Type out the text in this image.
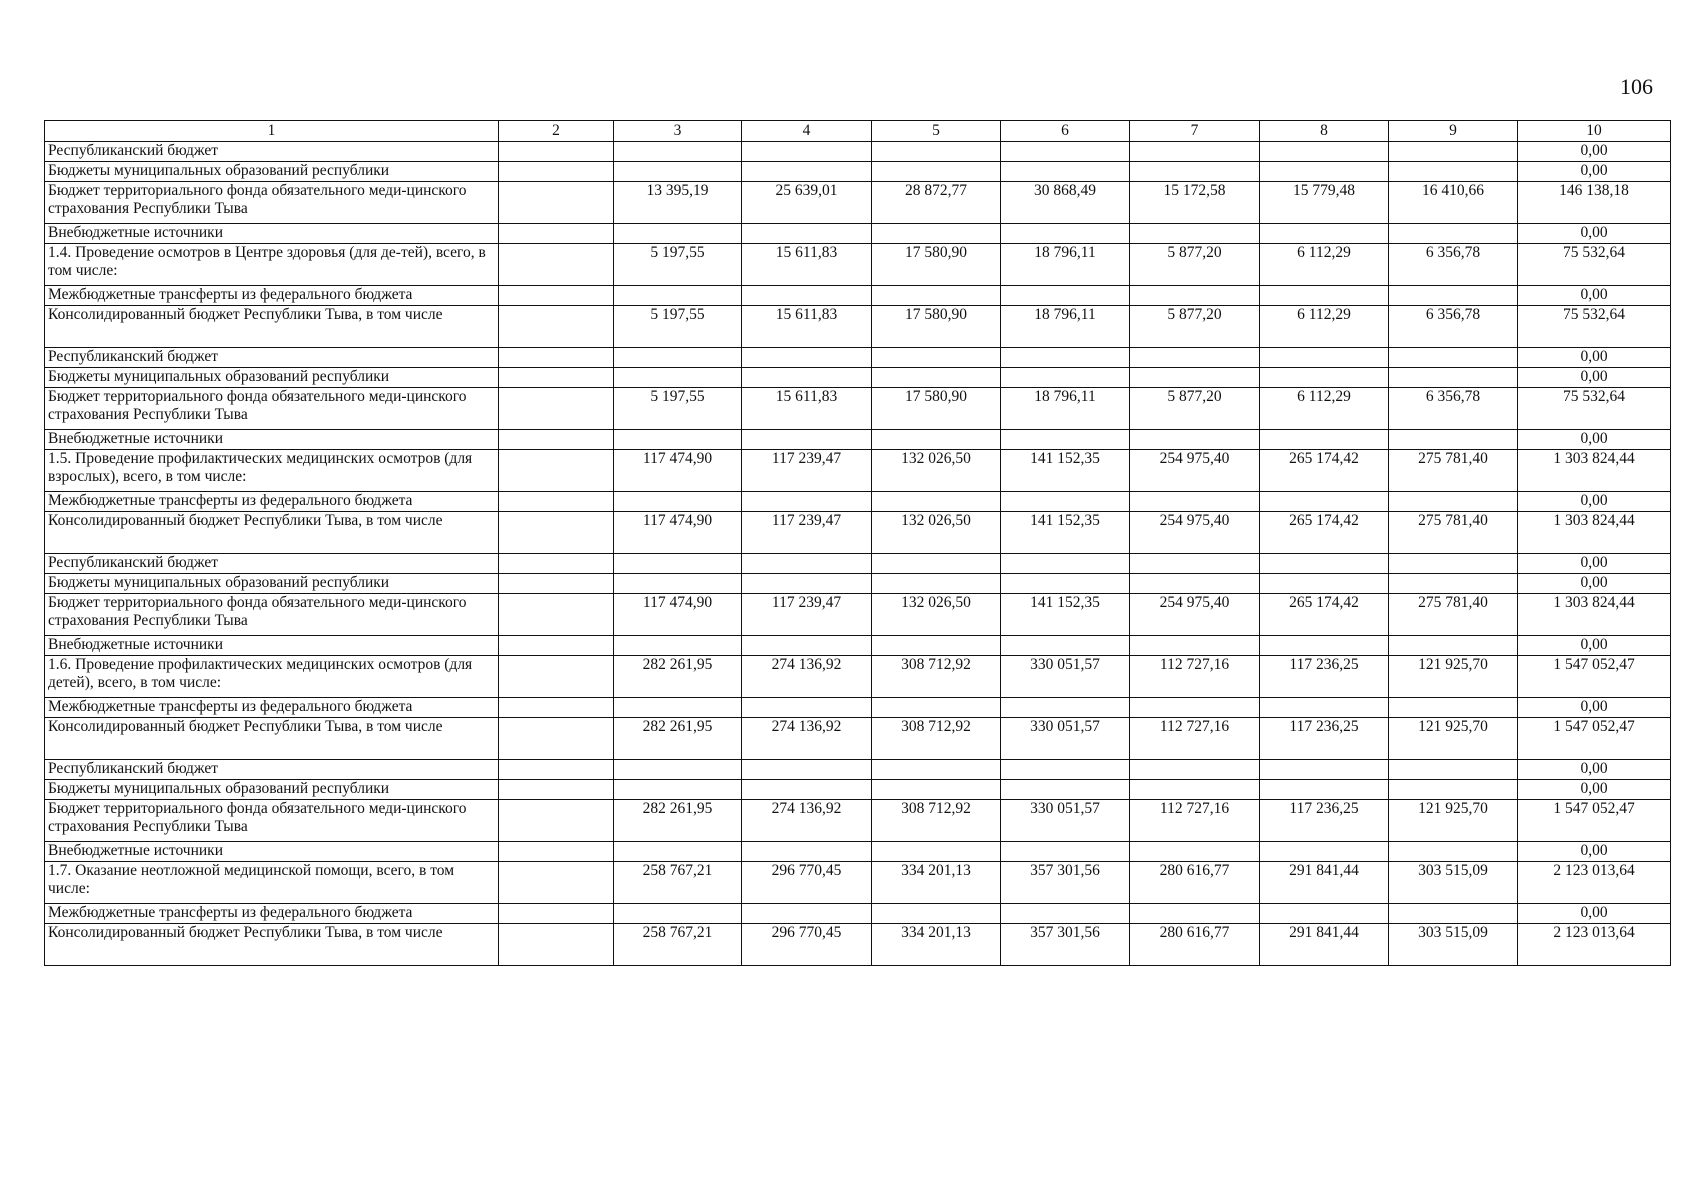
106
1	2	3	4	5	6	7	8	9	10
Республиканский бюджет									0,00
Бюджеты муниципальных образований республики									0,00
Бюджет территориального фонда обязательного меди-цинского страхования Республики Тыва		13 395,19	25 639,01	28 872,77	30 868,49	15 172,58	15 779,48	16 410,66	146 138,18
Внебюджетные источники									0,00
1.4. Проведение осмотров в Центре здоровья (для де-тей), всего, в том числе:		5 197,55	15 611,83	17 580,90	18 796,11	5 877,20	6 112,29	6 356,78	75 532,64
Межбюджетные трансферты из федерального бюджета									0,00
Консолидированный бюджет Республики Тыва, в том числе		5 197,55	15 611,83	17 580,90	18 796,11	5 877,20	6 112,29	6 356,78	75 532,64
Республиканский бюджет									0,00
Бюджеты муниципальных образований республики									0,00
Бюджет территориального фонда обязательного меди-цинского страхования Республики Тыва		5 197,55	15 611,83	17 580,90	18 796,11	5 877,20	6 112,29	6 356,78	75 532,64
Внебюджетные источники									0,00
1.5. Проведение профилактических медицинских осмотров (для взрослых), всего, в том числе:		117 474,90	117 239,47	132 026,50	141 152,35	254 975,40	265 174,42	275 781,40	1 303 824,44
Межбюджетные трансферты из федерального бюджета									0,00
Консолидированный бюджет Республики Тыва, в том числе		117 474,90	117 239,47	132 026,50	141 152,35	254 975,40	265 174,42	275 781,40	1 303 824,44
Республиканский бюджет									0,00
Бюджеты муниципальных образований республики									0,00
Бюджет территориального фонда обязательного меди-цинского страхования Республики Тыва		117 474,90	117 239,47	132 026,50	141 152,35	254 975,40	265 174,42	275 781,40	1 303 824,44
Внебюджетные источники									0,00
1.6. Проведение профилактических медицинских осмотров (для детей), всего, в том числе:		282 261,95	274 136,92	308 712,92	330 051,57	112 727,16	117 236,25	121 925,70	1 547 052,47
Межбюджетные трансферты из федерального бюджета									0,00
Консолидированный бюджет Республики Тыва, в том числе		282 261,95	274 136,92	308 712,92	330 051,57	112 727,16	117 236,25	121 925,70	1 547 052,47
Республиканский бюджет									0,00
Бюджеты муниципальных образований республики									0,00
Бюджет территориального фонда обязательного меди-цинского страхования Республики Тыва		282 261,95	274 136,92	308 712,92	330 051,57	112 727,16	117 236,25	121 925,70	1 547 052,47
Внебюджетные источники									0,00
1.7. Оказание неотложной медицинской помощи, всего, в том числе:		258 767,21	296 770,45	334 201,13	357 301,56	280 616,77	291 841,44	303 515,09	2 123 013,64
Межбюджетные трансферты из федерального бюджета									0,00
Консолидированный бюджет Республики Тыва, в том числе		258 767,21	296 770,45	334 201,13	357 301,56	280 616,77	291 841,44	303 515,09	2 123 013,64
